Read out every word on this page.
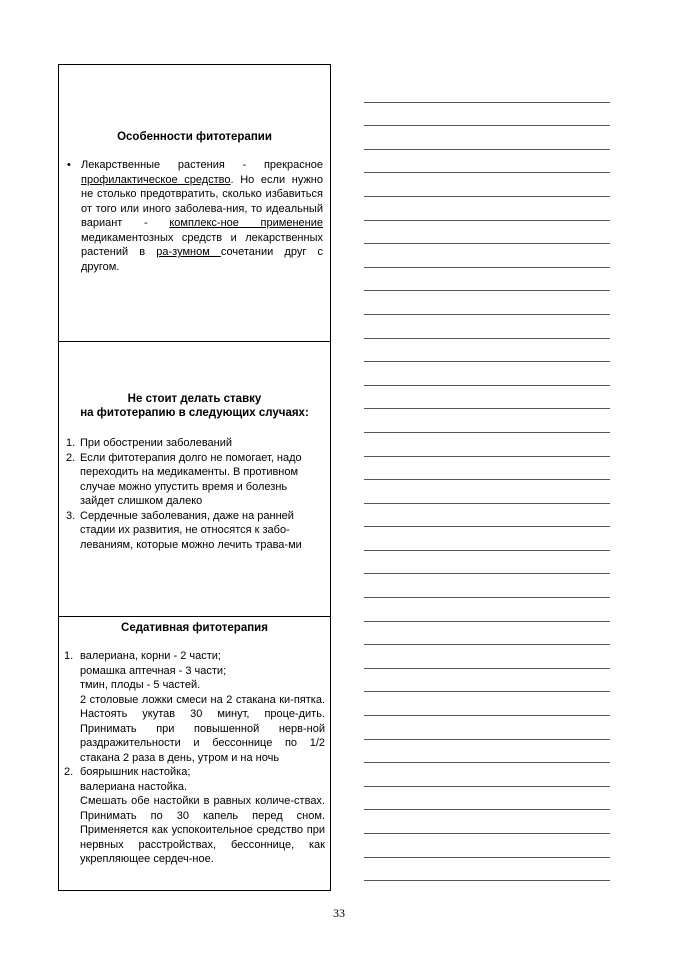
Особенности фитотерапии

• Лекарственные растения - прекрасное профилактическое средство. Но если нужно не столько предотвратить, сколько избавиться от того или иного заболева-ния, то идеальный вариант - комплекс-ное применение медикаментозных средств и лекарственных растений в ра-зумном сочетании друг с другом.

Не стоит делать ставку
на фитотерапию в следующих случаях:

1. При обострении заболеваний
2. Если фитотерапия долго не помогает, надо переходить на медикаменты. В противном случае можно упустить время и болезнь зайдет слишком далеко
3. Сердечные заболевания, даже на ранней стадии их развития, не относятся к забо-леваниям, которые можно лечить трава-ми

Седативная фитотерапия

1. валериана, корни - 2 части;
ромашка аптечная - 3 части;
тмин, плоды - 5 частей.
2 столовые ложки смеси на 2 стакана ки-пятка. Настоять укутав 30 минут, проце-дить. Принимать при повышенной нерв-ной раздражительности и бессоннице по 1/2 стакана 2 раза в день, утром и на ночь
2. боярышник настойка;
валериана настойка.
Смешать обе настойки в равных количе-ствах. Принимать по 30 капель перед сном. Применяется как успокоительное средство при нервных расстройствах, бессоннице, как укрепляющее сердеч-ное.
33
